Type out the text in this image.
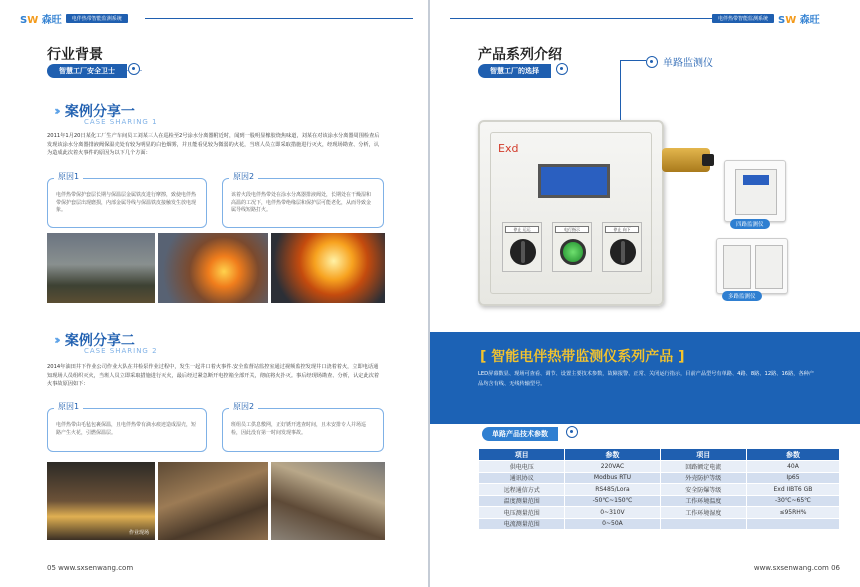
SW 森旺	电伴热带智能监测系统
行业背景
智慧工厂安全卫士
››› 案例分享一
CASE SHARING 1
2011年1月20日某化工厂生产车间员工刘某三人在巡检至2号涂水分离器附近时，闻到一股明显橡胶烧焦味道，刘某在对该涂水分离器周围检查后发现该涂水分离器排液阀保温壳处有较为明显的白色烟雾，并且能看见较为微弱的火花，当班人员立即采取措施进行灭火，经现场勘查、分析，认为造成此次着火事件的原因为以下几个方面：
原因1
电伴热带保护套层长期与保温层金属铁皮进行摩擦，致使电伴热带保护套层出现磨损，内部金属导线与保温铁皮接触发生放电现象。
原因2
该着火段电伴热带处在涂水分离器排液阀处，长期处在干燥湿和高温的工况下，电伴热带绝缘层和保护层可能老化，从而导致金属导线短路打火。
››› 案例分享二
CASE SHARING 2
2014年油田井下作业公司作业大队在井检泵作业过程中，发生一起井口着火事件.安全监督站监控室通过视频监控发现井口浇着着火，立即电话通知现场人员组织灭火，当班人员立即采取措施进行灭火，最后经过紧急断开电控箱全部开关，彻底将火扑灭。事后经现场勘查、分析，认定此次着火事故原因如下：
原因1
电伴热带由毛毡包裹保温，且电伴热带有滴水痕迹造成湿壳，短路产生火花，引燃保温层。
原因2
班组员工供息敷网，正好锈开逃查时间，且未安排专人并场巡检，因此没有第一时间发现事故。
作业现场
05 www.sxsenwang.com
电伴热带智能监测系统	SW 森旺
产品系列介绍
智慧工厂的选择
单路监测仪
Exd
停止 运运	电行指示	停止 向下
四路监测仪
多路监测仪
[ 智能电伴热带监测仪系列产品 ]
LED屏幕数显、现场可查看、调节、设置主要技术参数，故障报警、正常、关闭运行指示，目前产品型号有单路、4路、8路、12路、16路，各种产品均含有线、无线传输型号。
单路产品技术参数
项目	参数	项目	参数
供电电压	220VAC	回路额定电流	40A
通讯协议	Modbus RTU	外壳防护等级	Ip65
远程通信方式	RS485/Lora	安全防爆等级	Exd IIBT6 GB
温度测量范围	-50℃~150℃	工作环境温度	-30℃~65℃
电压测量范围	0~310V	工作环境湿度	≤95RH%
电流测量范围	0~50A		
www.sxsenwang.com 06
